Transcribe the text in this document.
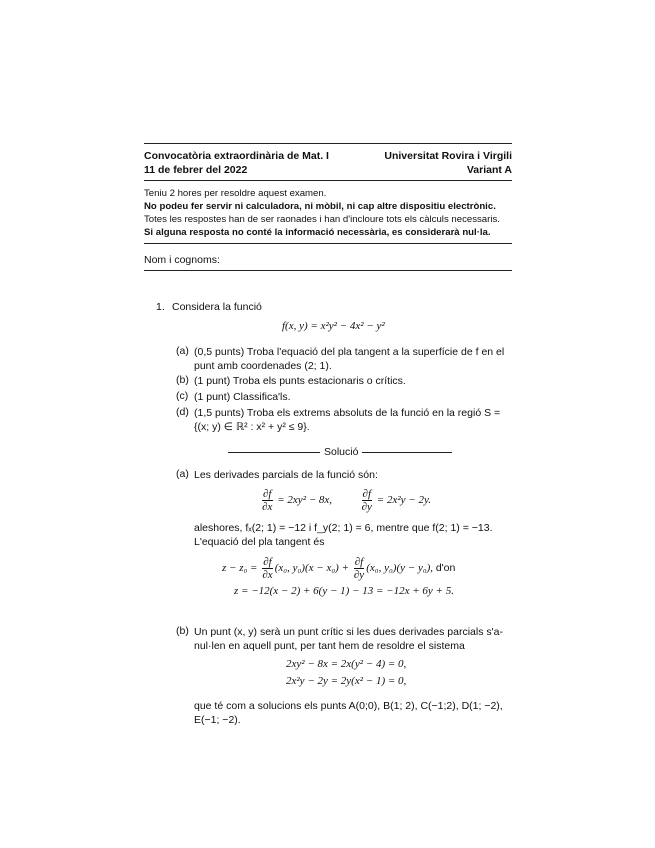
Convocatòria extraordinària de Mat. I
11 de febrer del 2022
Universitat Rovira i Virgili
Variant A
Teniu 2 hores per resoldre aquest examen.
No podeu fer servir ni calculadora, ni mòbil, ni cap altre dispositiu electrònic.
Totes les respostes han de ser raonades i han d'incloure tots els càlculs necessaris.
Si alguna resposta no conté la informació necessària, es considerarà nul·la.
Nom i cognoms:
1. Considera la funció
f(x, y) = x²y² − 4x² − y²
(a) (0,5 punts) Troba l'equació del pla tangent a la superfície de f en el punt amb coordenades (2; 1).
(b) (1 punt) Troba els punts estacionaris o crítics.
(c) (1 punt) Classifica'ls.
(d) (1,5 punts) Troba els extrems absoluts de la funció en la regió S = {(x; y) ∈ ℝ² : x² + y² ≤ 9}.
Solució
(a) Les derivades parcials de la funció són:
$\frac{\partial f}{\partial x} = 2xy^2 - 8x$,	$\frac{\partial f}{\partial y} = 2x^2y - 2y$.
aleshores, fₓ(2; 1) = −12 i f_y(2; 1) = 6, mentre que f(2; 1) = −13.
L'equació del pla tangent és
$z - z_0 = \frac{\partial f}{\partial x} (x_0$, $y_0)(x - x_0) + \frac{\partial f}{\partial y} (x_0$, y₀)(y − y₀), d'on
z = −12(x − 2) + 6(y − 1) − 13 = −12x + 6y + 5.
(b) Un punt (x, y) serà un punt crític si les dues derivades parcials s'anul·len en aquell punt, per tant hem de resoldre el sistema
2xy² − 8x = 2x(y² − 4) = 0,
2x²y − 2y = 2y(x² − 1) = 0,
que té com a solucions els punts A(0;0), B(1; 2), C(−1;2), D(1; −2), E(−1; −2).
